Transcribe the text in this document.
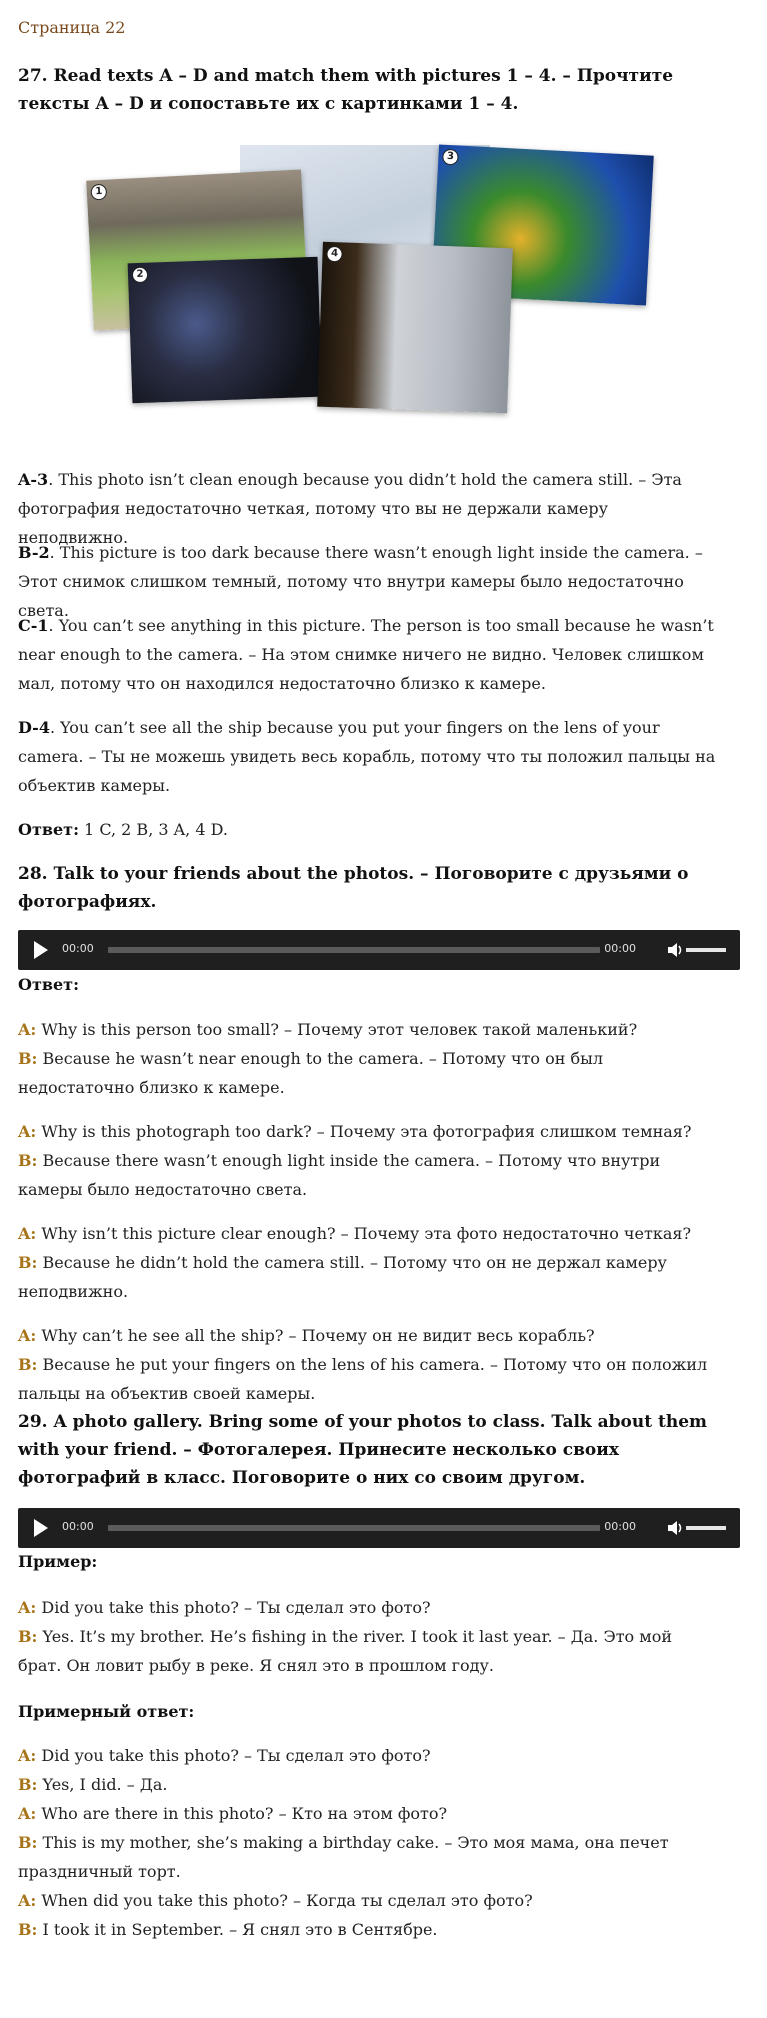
Страница 22
27. Read texts A – D and match them with pictures 1 – 4. – Прочтите тексты A – D и сопоставьте их с картинками 1 – 4.
1
3
2
4
A-3. This photo isn’t clean enough because you didn’t hold the camera still. – Эта фотография недостаточно четкая, потому что вы не держали камеру неподвижно.
B-2. This picture is too dark because there wasn’t enough light inside the camera. – Этот снимок слишком темный, потому что внутри камеры было недостаточно света.
C-1. You can’t see anything in this picture. The person is too small because he wasn’t near enough to the camera. – На этом снимке ничего не видно. Человек слишком мал, потому что он находился недостаточно близко к камере.
D-4. You can’t see all the ship because you put your fingers on the lens of your camera. – Ты не можешь увидеть весь корабль, потому что ты положил пальцы на объектив камеры.
Ответ: 1 C, 2 B, 3 A, 4 D.
28. Talk to your friends about the photos. – Поговорите с друзьями о фотографиях.
00:00	00:00
Ответ:
A: Why is this person too small? – Почему этот человек такой маленький?
B: Because he wasn’t near enough to the camera. – Потому что он был недостаточно близко к камере.
A: Why is this photograph too dark? – Почему эта фотография слишком темная?
B: Because there wasn’t enough light inside the camera. – Потому что внутри камеры было недостаточно света.
A: Why isn’t this picture clear enough? – Почему эта фото недостаточно четкая?
B: Because he didn’t hold the camera still. – Потому что он не держал камеру неподвижно.
A: Why can’t he see all the ship? – Почему он не видит весь корабль?
B: Because he put your fingers on the lens of his camera. – Потому что он положил пальцы на объектив своей камеры.
29. A photo gallery. Bring some of your photos to class. Talk about them with your friend. – Фотогалерея. Принесите несколько своих фотографий в класс. Поговорите о них со своим другом.
00:00	00:00
Пример:
A: Did you take this photo? – Ты сделал это фото?
B: Yes. It’s my brother. He’s fishing in the river. I took it last year. – Да. Это мой брат. Он ловит рыбу в реке. Я снял это в прошлом году.
Примерный ответ:
A: Did you take this photo? – Ты сделал это фото?
B: Yes, I did. – Да.
A: Who are there in this photo? – Кто на этом фото?
B: This is my mother, she’s making a birthday cake. – Это моя мама, она печет праздничный торт.
A: When did you take this photo? – Когда ты сделал это фото?
B: I took it in September. – Я снял это в Сентябре.
